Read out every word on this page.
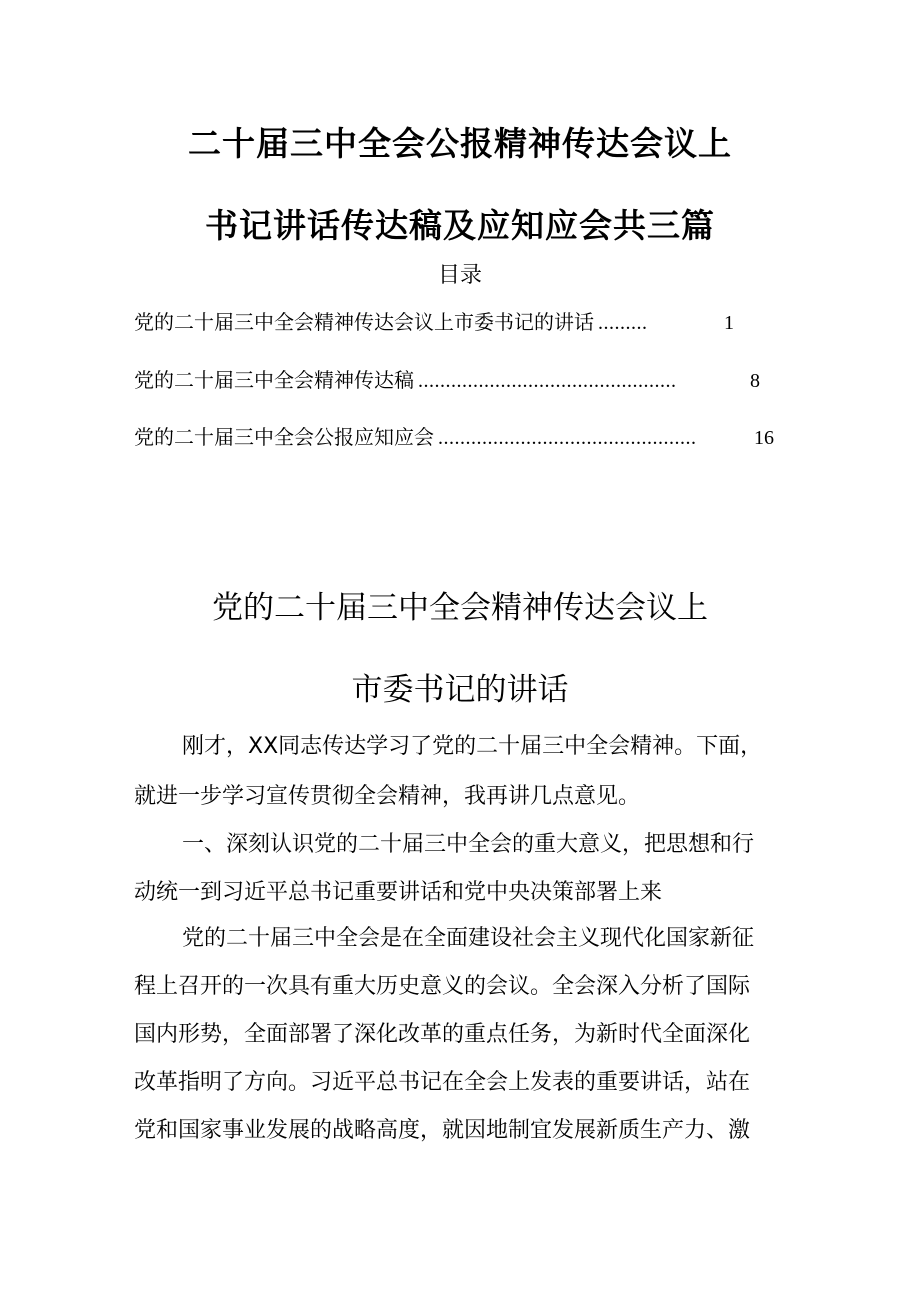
二十届三中全会公报精神传达会议上
书记讲话传达稿及应知应会共三篇
目录
党的二十届三中全会精神传达会议上市委书记的讲话 .........	1
党的二十届三中全会精神传达稿 ...............................................	8
党的二十届三中全会公报应知应会 ...............................................	16
党的二十届三中全会精神传达会议上
市委书记的讲话
刚才，XX同志传达学习了党的二十届三中全会精神。下面，
就进一步学习宣传贯彻全会精神，我再讲几点意见。
一、深刻认识党的二十届三中全会的重大意义，把思想和行
动统一到习近平总书记重要讲话和党中央决策部署上来
党的二十届三中全会是在全面建设社会主义现代化国家新征
程上召开的一次具有重大历史意义的会议。全会深入分析了国际
国内形势，全面部署了深化改革的重点任务，为新时代全面深化
改革指明了方向。习近平总书记在全会上发表的重要讲话，站在
党和国家事业发展的战略高度，就因地制宜发展新质生产力、激
